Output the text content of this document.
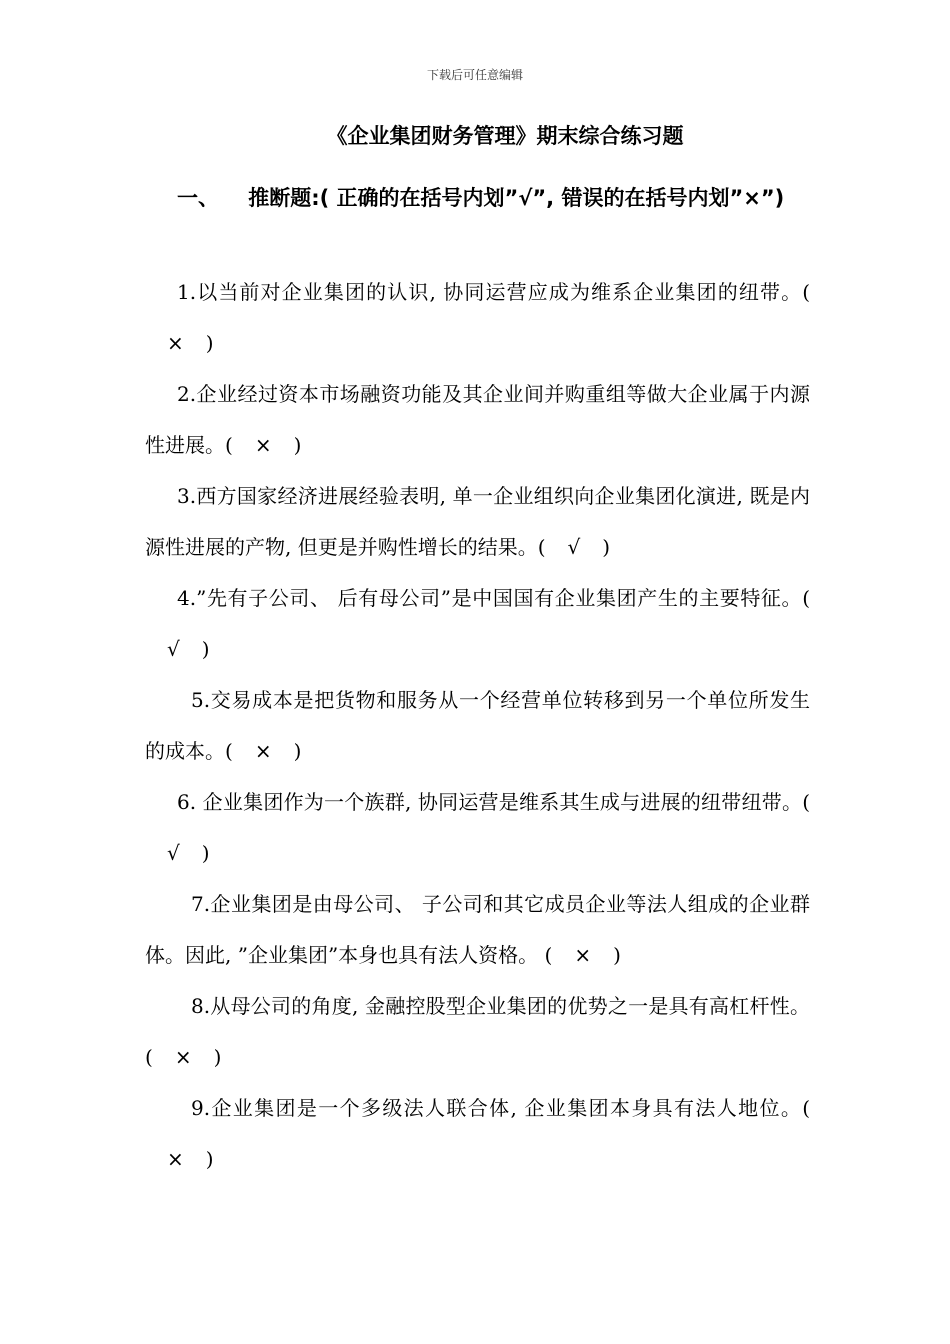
下载后可任意编辑
《企业集团财务管理》期末综合练习题

一、 推断题:( 正确的在括号内划”√”, 错误的在括号内划”×”)

1.以当前对企业集团的认识, 协同运营应成为维系企业集团的纽带。(× )
2.企业经过资本市场融资功能及其企业间并购重组等做大企业属于内源性进展。( × )
3.西方国家经济进展经验表明, 单一企业组织向企业集团化演进, 既是内源性进展的产物, 但更是并购性增长的结果。( √ )
4.”先有子公司、 后有母公司”是中国国有企业集团产生的主要特征。(√ )
5.交易成本是把货物和服务从一个经营单位转移到另一个单位所发生的成本。( × )
6. 企业集团作为一个族群, 协同运营是维系其生成与进展的纽带纽带。(√ )
7.企业集团是由母公司、 子公司和其它成员企业等法人组成的企业群体。因此, ”企业集团”本身也具有法人资格。 ( × )
8.从母公司的角度, 金融控股型企业集团的优势之一是具有高杠杆性。( × )
9.企业集团是一个多级法人联合体, 企业集团本身具有法人地位。(× )
